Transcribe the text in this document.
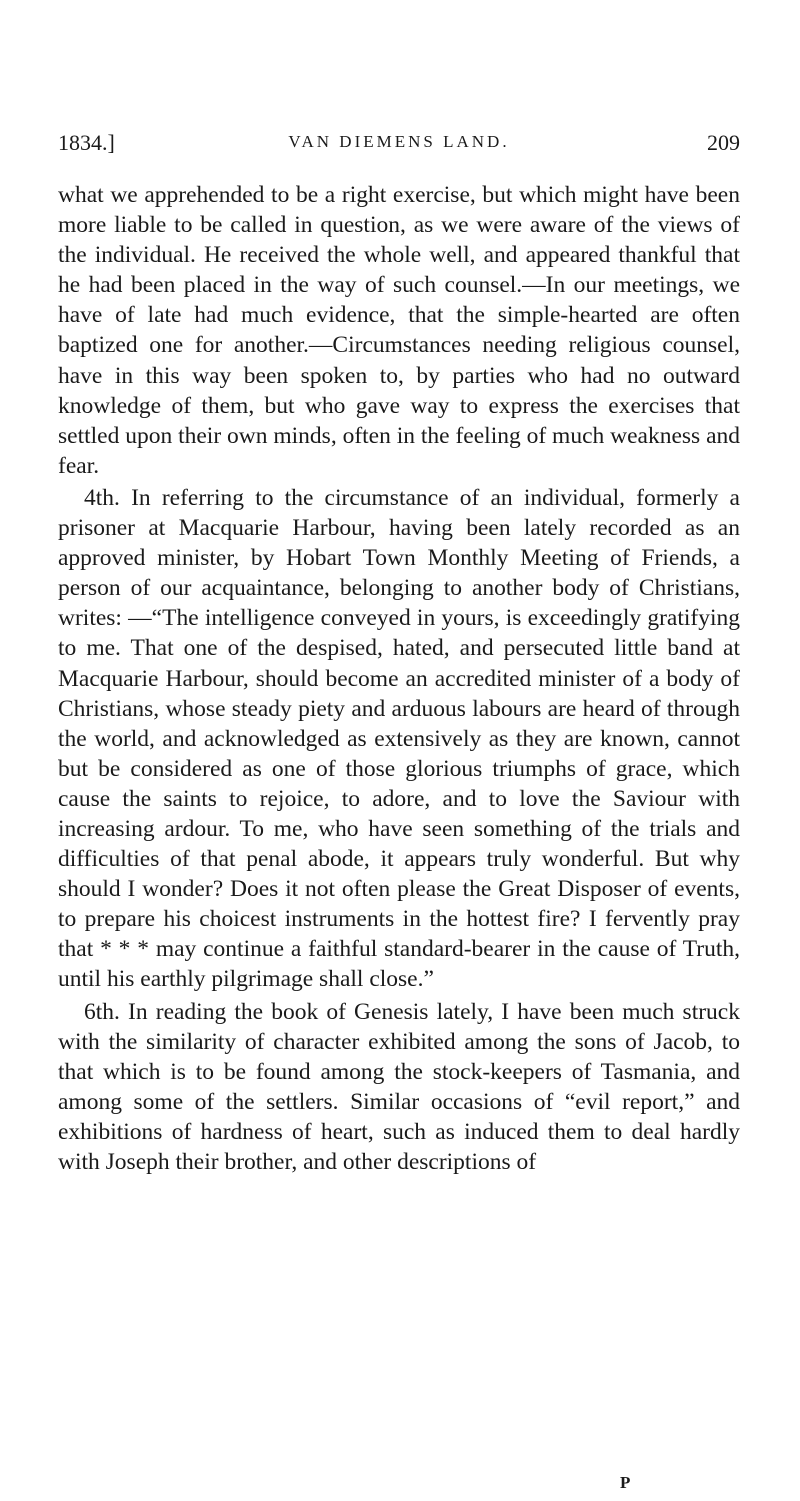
1834.]	VAN DIEMENS LAND.	209

what we apprehended to be a right exercise, but which might have been more liable to be called in question, as we were aware of the views of the individual. He received the whole well, and appeared thankful that he had been placed in the way of such counsel.—In our meetings, we have of late had much evidence, that the simple-hearted are often baptized one for another.—Circumstances needing religious counsel, have in this way been spoken to, by parties who had no outward knowledge of them, but who gave way to express the exercises that settled upon their own minds, often in the feeling of much weakness and fear.

4th. In referring to the circumstance of an individual, formerly a prisoner at Macquarie Harbour, having been lately recorded as an approved minister, by Hobart Town Monthly Meeting of Friends, a person of our acquaintance, belonging to another body of Christians, writes: —“The intelligence conveyed in yours, is exceedingly gratifying to me. That one of the despised, hated, and persecuted little band at Macquarie Harbour, should become an accredited minister of a body of Christians, whose steady piety and arduous labours are heard of through the world, and acknowledged as extensively as they are known, cannot but be considered as one of those glorious triumphs of grace, which cause the saints to rejoice, to adore, and to love the Saviour with increasing ardour. To me, who have seen something of the trials and difficulties of that penal abode, it appears truly wonderful. But why should I wonder? Does it not often please the Great Disposer of events, to prepare his choicest instruments in the hottest fire? I fervently pray that * * * may continue a faithful standard-bearer in the cause of Truth, until his earthly pilgrimage shall close.”

6th. In reading the book of Genesis lately, I have been much struck with the similarity of character exhibited among the sons of Jacob, to that which is to be found among the stock-keepers of Tasmania, and among some of the settlers. Similar occasions of “evil report,” and exhibitions of hardness of heart, such as induced them to deal hardly with Joseph their brother, and other descriptions of

P
